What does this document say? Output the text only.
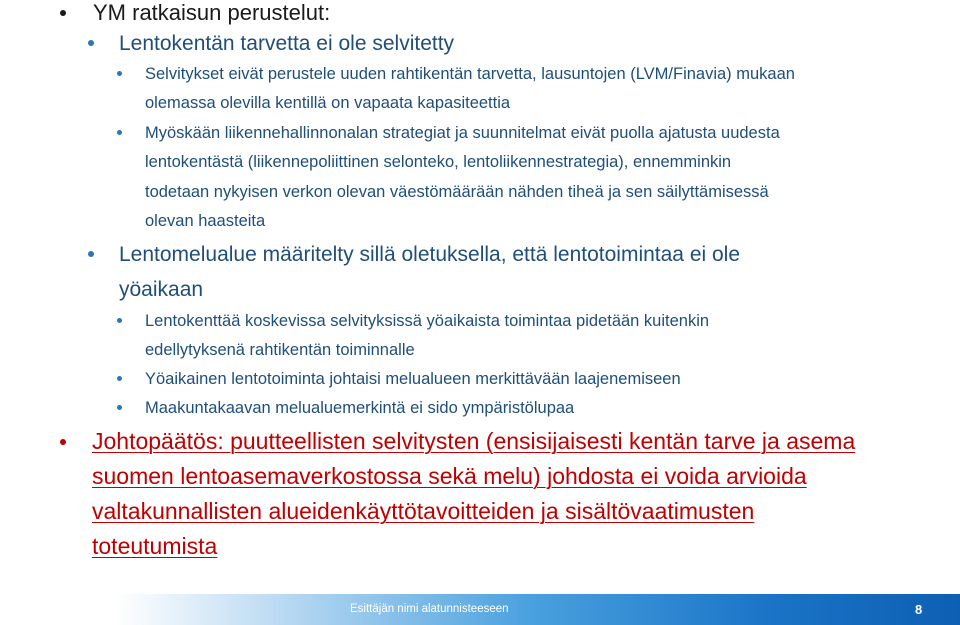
YM ratkaisun perustelut:
Lentokentän tarvetta ei ole selvitetty
Selvitykset eivät perustele uuden rahtikentän tarvetta, lausuntojen (LVM/Finavia) mukaan
olemassa olevilla kentillä on vapaata kapasiteettia
Myöskään liikennehallinnonalan strategiat ja suunnitelmat eivät puolla ajatusta uudesta
lentokentästä (liikennepoliittinen selonteko, lentoliikennestrategia), ennemminkin
todetaan nykyisen verkon olevan väestömäärään nähden tiheä ja sen säilyttämisessä
olevan haasteita
Lentomelualue määritelty sillä oletuksella, että lentotoimintaa ei ole
yöaikaan
Lentokenttää koskevissa selvityksissä yöaikaista toimintaa pidetään kuitenkin
edellytyksenä rahtikentän toiminnalle
Yöaikainen lentotoiminta johtaisi melualueen merkittävään laajenemiseen
Maakuntakaavan melualuemerkintä ei sido ympäristölupaa
Johtopäätös: puutteellisten selvitysten (ensisijaisesti kentän tarve ja asema
suomen lentoasemaverkostossa sekä melu) johdosta ei voida arvioida
valtakunnallisten alueidenkäyttötavoitteiden ja sisältövaatimusten
toteutumista
Esittäjän nimi alatunnisteeseen	8
